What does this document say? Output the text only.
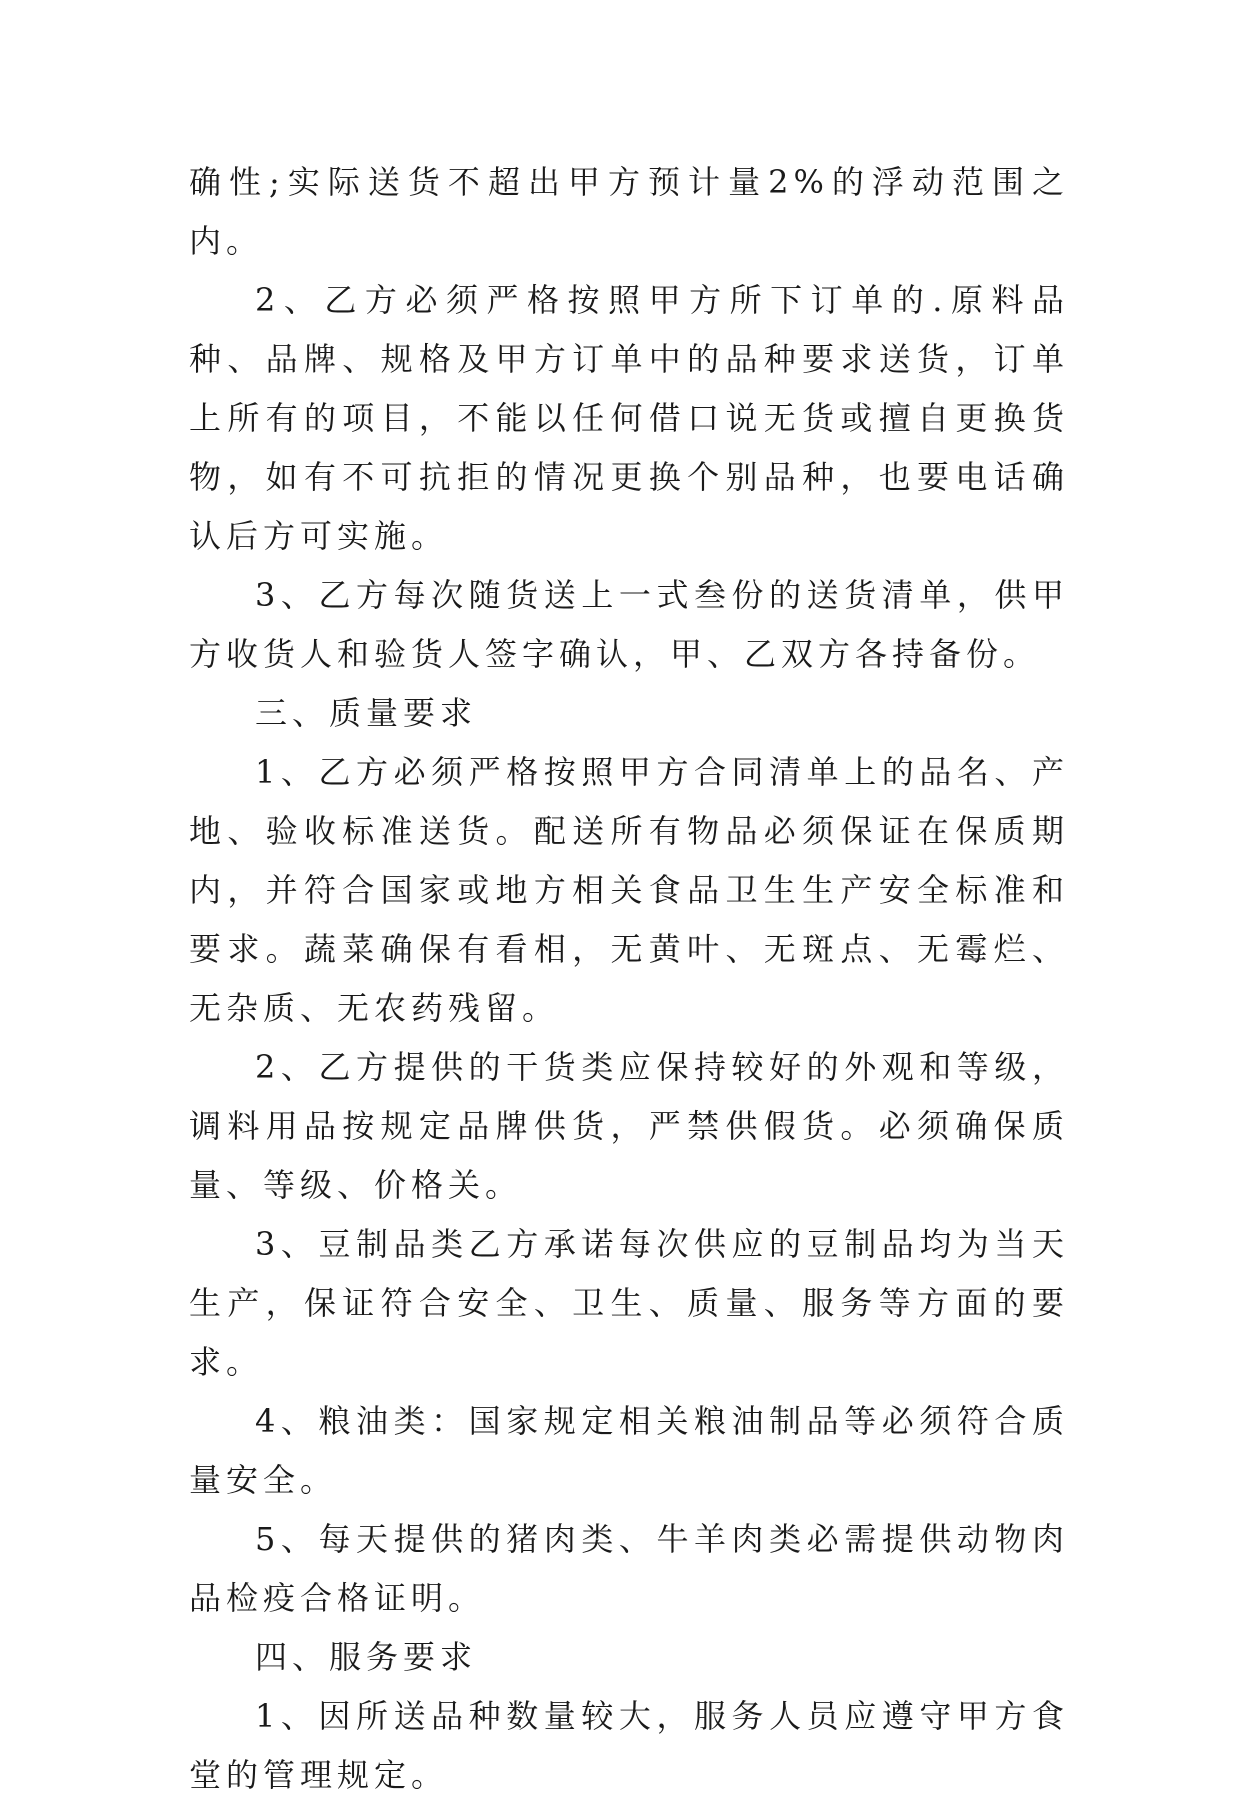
确性;实际送货不超出甲方预计量2%的浮动范围之内。

2、乙方必须严格按照甲方所下订单的.原料品种、品牌、规格及甲方订单中的品种要求送货，订单上所有的项目，不能以任何借口说无货或擅自更换货物，如有不可抗拒的情况更换个别品种，也要电话确认后方可实施。

3、乙方每次随货送上一式叁份的送货清单，供甲方收货人和验货人签字确认，甲、乙双方各持备份。

三、质量要求

1、乙方必须严格按照甲方合同清单上的品名、产地、验收标准送货。配送所有物品必须保证在保质期内，并符合国家或地方相关食品卫生生产安全标准和要求。蔬菜确保有看相，无黄叶、无斑点、无霉烂、无杂质、无农药残留。

2、乙方提供的干货类应保持较好的外观和等级，调料用品按规定品牌供货，严禁供假货。必须确保质量、等级、价格关。

3、豆制品类乙方承诺每次供应的豆制品均为当天生产，保证符合安全、卫生、质量、服务等方面的要求。

4、粮油类：国家规定相关粮油制品等必须符合质量安全。

5、每天提供的猪肉类、牛羊肉类必需提供动物肉品检疫合格证明。

四、服务要求

1、因所送品种数量较大，服务人员应遵守甲方食堂的管理规定。
